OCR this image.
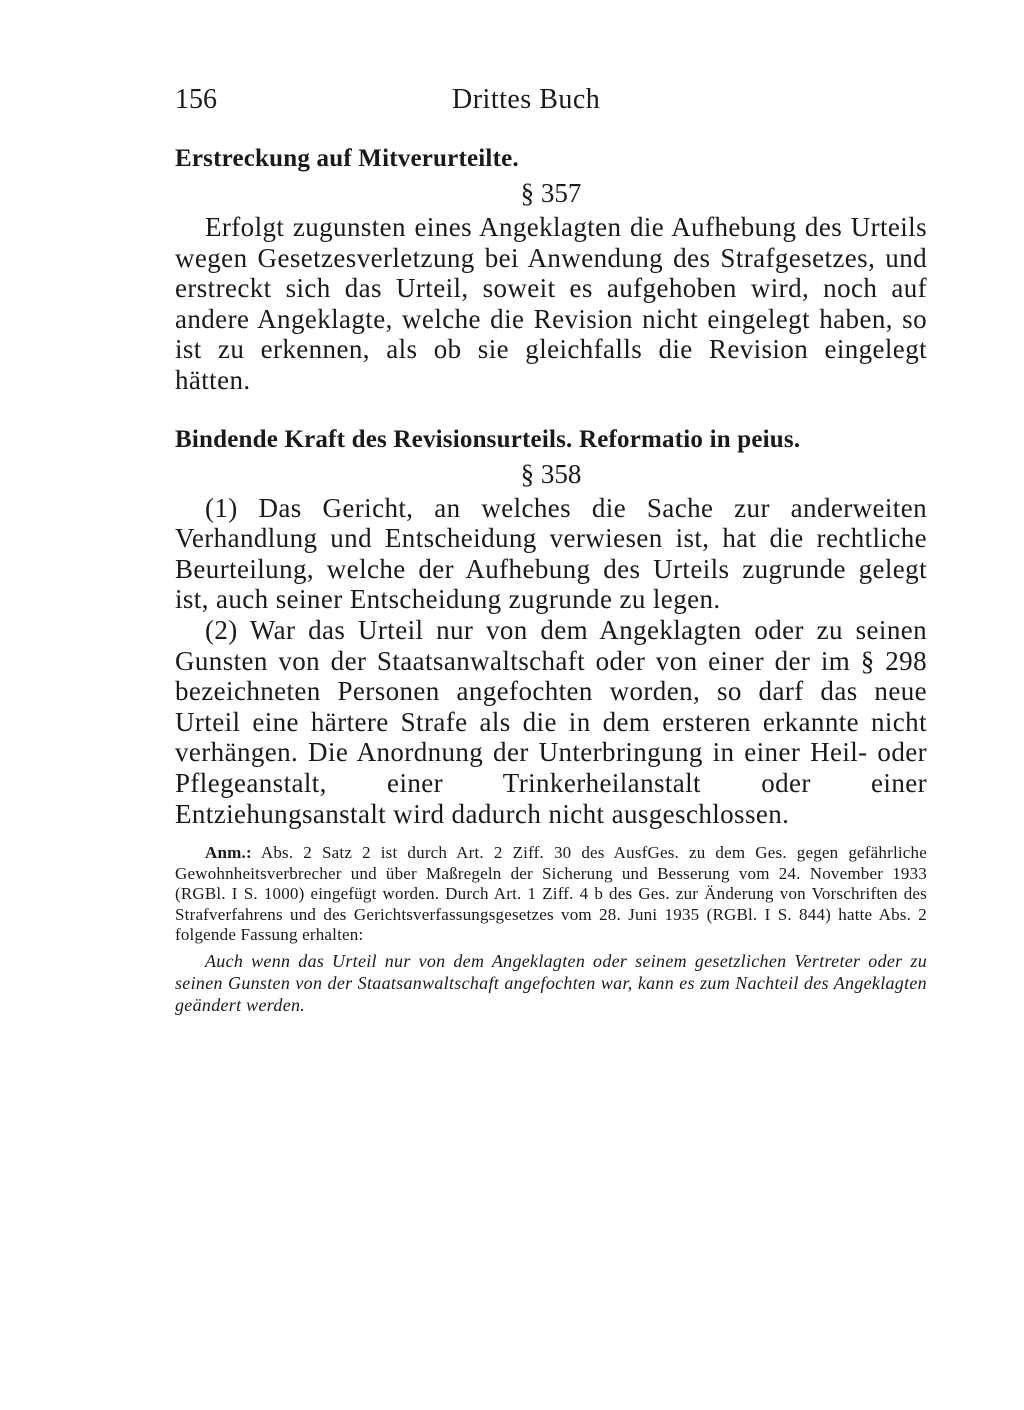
156	Drittes Buch
Erstreckung auf Mitverurteilte.
§ 357

Erfolgt zugunsten eines Angeklagten die Aufhebung des Urteils wegen Gesetzesverletzung bei Anwendung des Strafgesetzes, und erstreckt sich das Urteil, soweit es aufgehoben wird, noch auf andere Angeklagte, welche die Revision nicht eingelegt haben, so ist zu erkennen, als ob sie gleichfalls die Revision eingelegt hätten.

Bindende Kraft des Revisionsurteils. Reformatio in peius.
§ 358

(1) Das Gericht, an welches die Sache zur anderweiten Verhandlung und Entscheidung verwiesen ist, hat die rechtliche Beurteilung, welche der Aufhebung des Urteils zugrunde gelegt ist, auch seiner Entscheidung zugrunde zu legen.

(2) War das Urteil nur von dem Angeklagten oder zu seinen Gunsten von der Staatsanwaltschaft oder von einer der im § 298 bezeichneten Personen angefochten worden, so darf das neue Urteil eine härtere Strafe als die in dem ersteren erkannte nicht verhängen. Die Anordnung der Unterbringung in einer Heil- oder Pflegeanstalt, einer Trinkerheilanstalt oder einer Entziehungsanstalt wird dadurch nicht ausgeschlossen.

Anm.: Abs. 2 Satz 2 ist durch Art. 2 Ziff. 30 des AusfGes. zu dem Ges. gegen gefährliche Gewohnheitsverbrecher und über Maßregeln der Sicherung und Besserung vom 24. November 1933 (RGBl. I S. 1000) eingefügt worden. Durch Art. 1 Ziff. 4 b des Ges. zur Änderung von Vorschriften des Strafverfahrens und des Gerichtsverfassungsgesetzes vom 28. Juni 1935 (RGBl. I S. 844) hatte Abs. 2 folgende Fassung erhalten:

Auch wenn das Urteil nur von dem Angeklagten oder seinem gesetzlichen Vertreter oder zu seinen Gunsten von der Staatsanwaltschaft angefochten war, kann es zum Nachteil des Angeklagten geändert werden.
